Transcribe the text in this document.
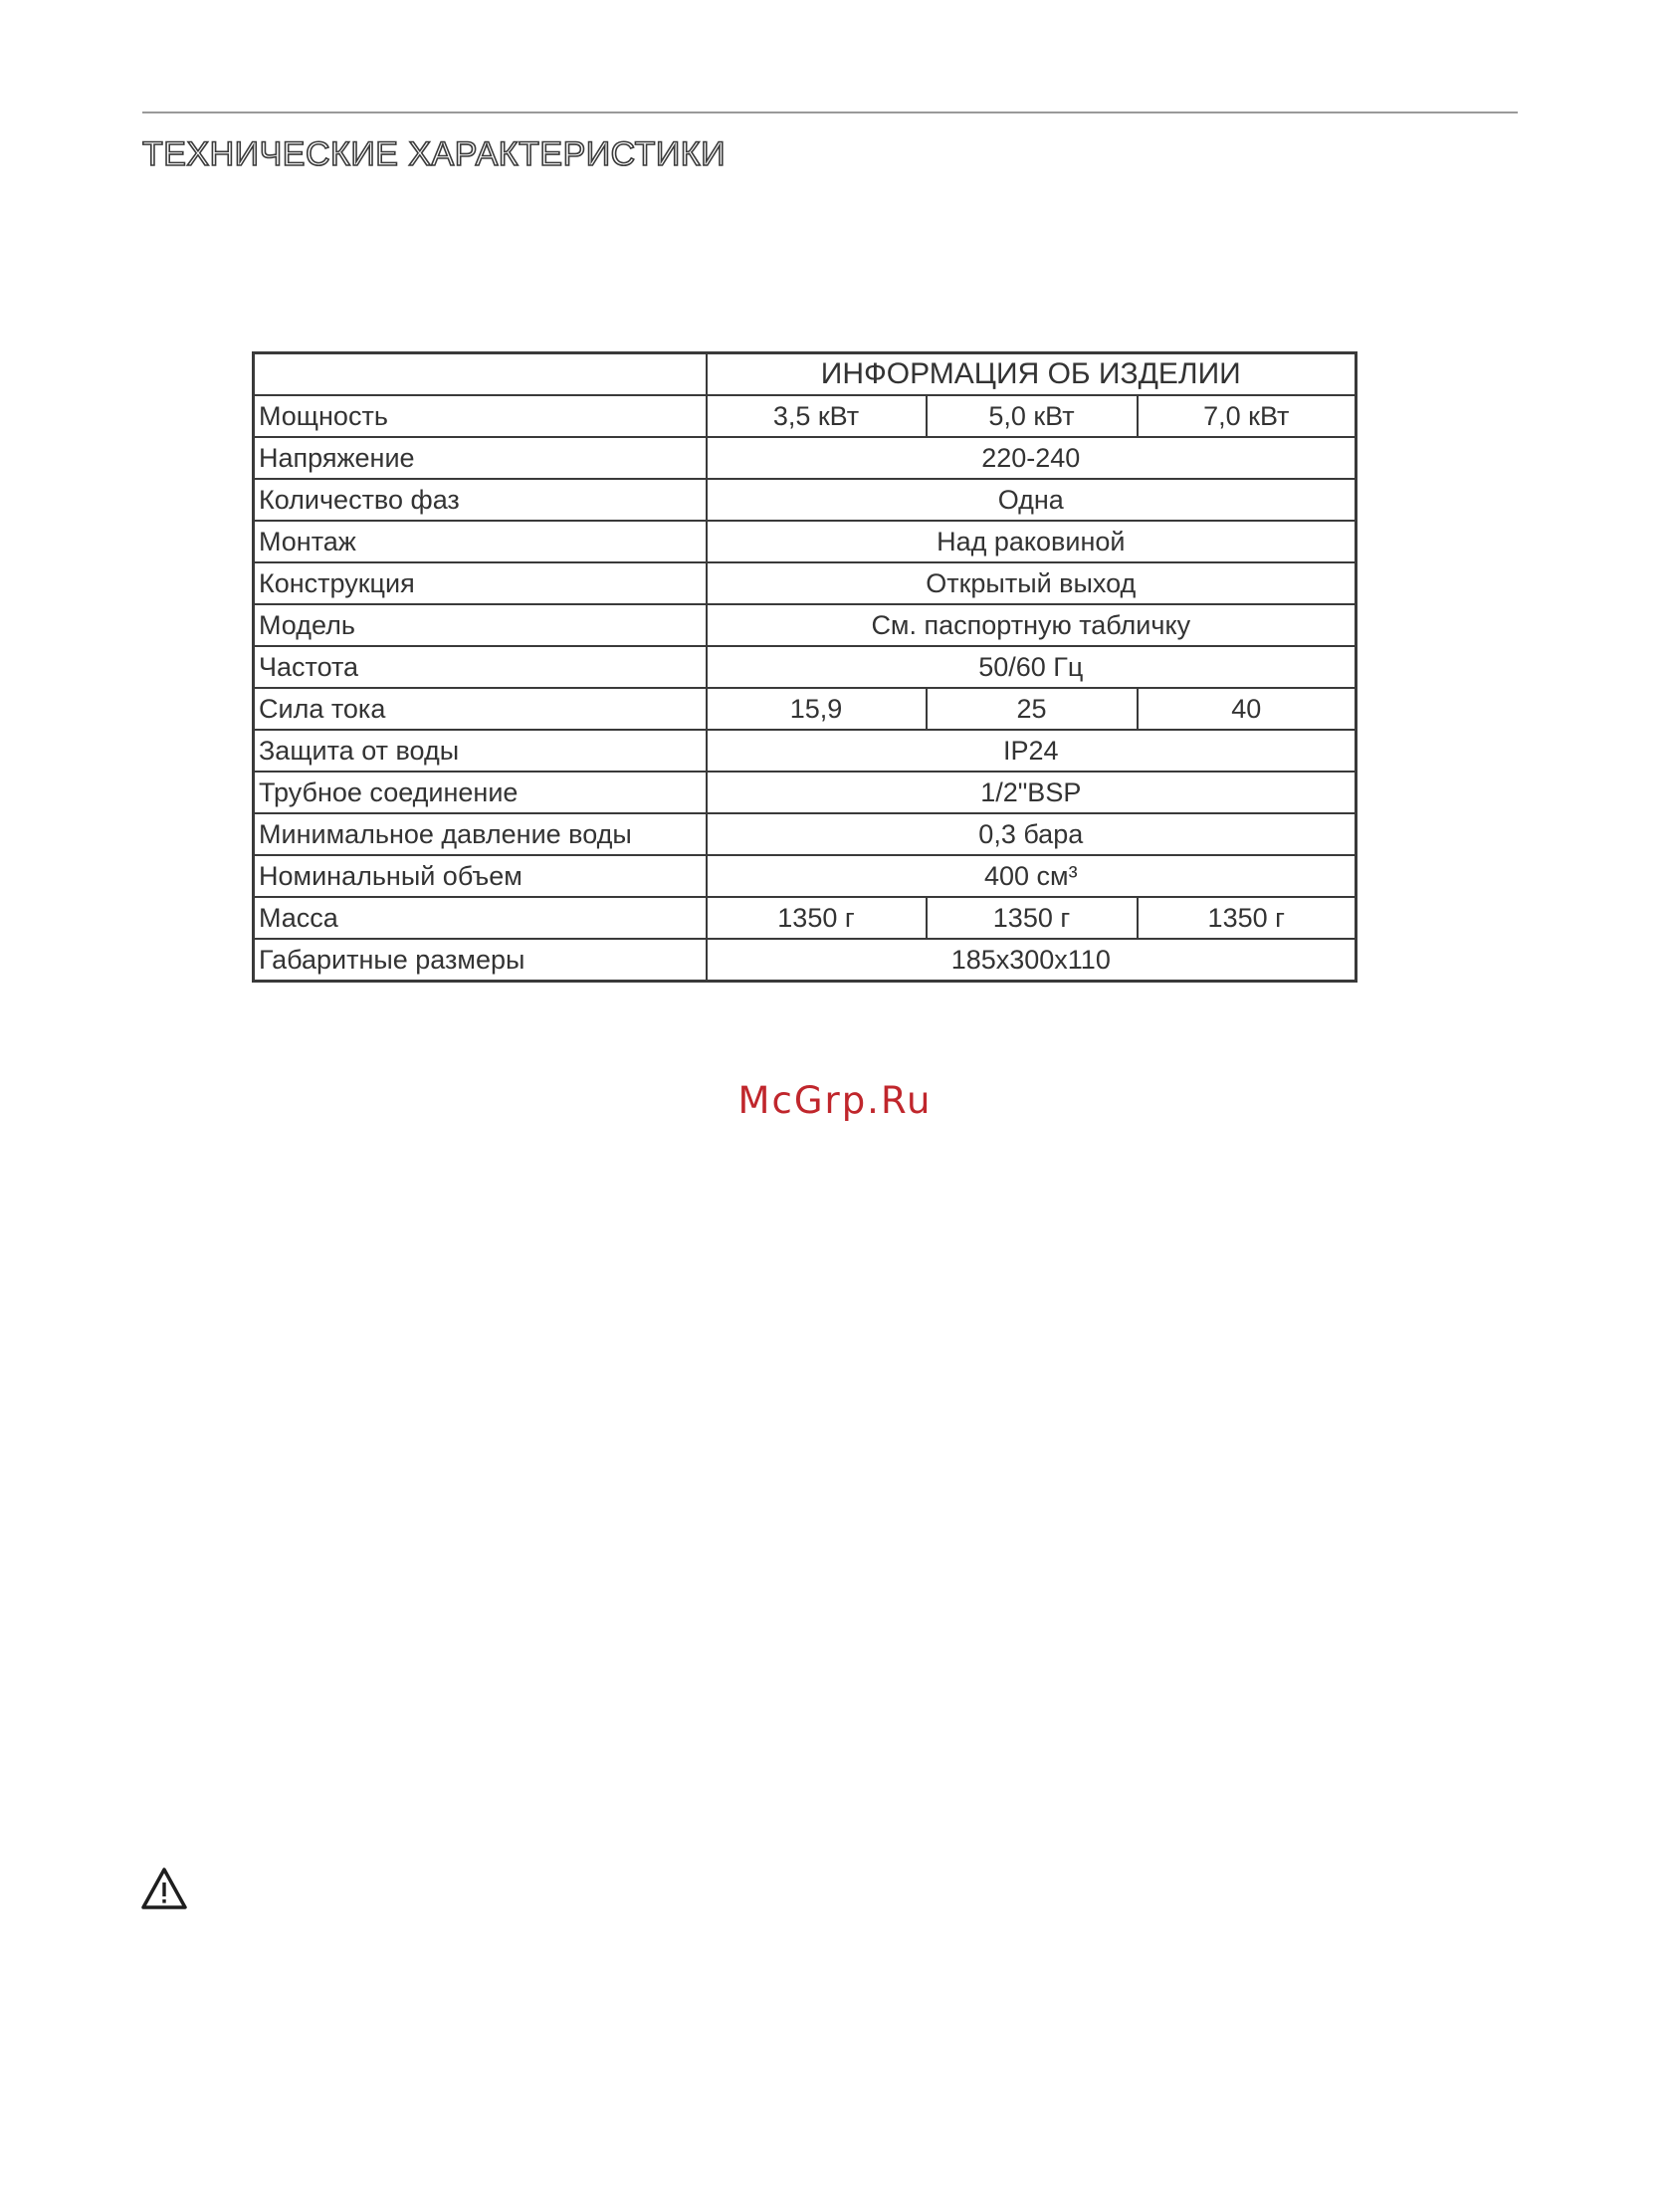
ТЕХНИЧЕСКИЕ ХАРАКТЕРИСТИКИ
	ИНФОРМАЦИЯ ОБ ИЗДЕЛИИ		
Мощность	3,5 кВт	5,0 кВт	7,0 кВт
Напряжение	220-240		
Количество фаз	Одна		
Монтаж	Над раковиной		
Конструкция	Открытый выход		
Модель	См. паспортную табличку		
Частота	50/60 Гц		
Сила тока	15,9	25	40
Защита от воды	IP24		
Трубное соединение	1/2"BSP		
Минимальное давление воды	0,3 бара		
Номинальный объем	400 см³		
Масса	1350 г	1350 г	1350 г
Габаритные размеры	185x300x110		
McGrp.Ru
